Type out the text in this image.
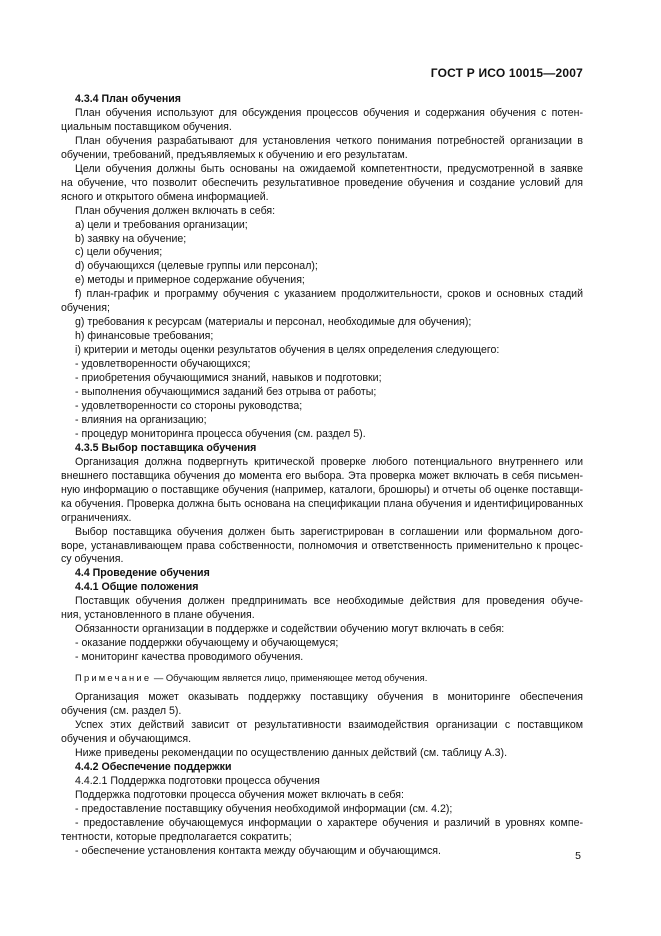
ГОСТ Р ИСО 10015—2007
4.3.4 План обучения
План обучения используют для обсуждения процессов обучения и содержания обучения с потен-
циальным поставщиком обучения.
План обучения разрабатывают для установления четкого понимания потребностей организации в
обучении, требований, предъявляемых к обучению и его результатам.
Цели обучения должны быть основаны на ожидаемой компетентности, предусмотренной в заявке
на обучение, что позволит обеспечить результативное проведение обучения и создание условий для
ясного и открытого обмена информацией.
План обучения должен включать в себя:
а) цели и требования организации;
b) заявку на обучение;
c) цели обучения;
d) обучающихся (целевые группы или персонал);
e) методы и примерное содержание обучения;
f) план-график и программу обучения с указанием продолжительности, сроков и основных стадий
обучения;
g) требования к ресурсам (материалы и персонал, необходимые для обучения);
h) финансовые требования;
i) критерии и методы оценки результатов обучения в целях определения следующего:
- удовлетворенности обучающихся;
- приобретения обучающимися знаний, навыков и подготовки;
- выполнения обучающимися заданий без отрыва от работы;
- удовлетворенности со стороны руководства;
- влияния на организацию;
- процедур мониторинга процесса обучения (см. раздел 5).
4.3.5 Выбор поставщика обучения
Организация должна подвергнуть критической проверке любого потенциального внутреннего или
внешнего поставщика обучения до момента его выбора. Эта проверка может включать в себя письмен-
ную информацию о поставщике обучения (например, каталоги, брошюры) и отчеты об оценке поставщи-
ка обучения. Проверка должна быть основана на спецификации плана обучения и идентифицированных
ограничениях.
Выбор поставщика обучения должен быть зарегистрирован в соглашении или формальном дого-
воре, устанавливающем права собственности, полномочия и ответственность применительно к процес-
су обучения.
4.4 Проведение обучения
4.4.1 Общие положения
Поставщик обучения должен предпринимать все необходимые действия для проведения обуче-
ния, установленного в плане обучения.
Обязанности организации в поддержке и содействии обучению могут включать в себя:
- оказание поддержки обучающему и обучающемуся;
- мониторинг качества проводимого обучения.
Примечание — Обучающим является лицо, применяющее метод обучения.
Организация может оказывать поддержку поставщику обучения в мониторинге обеспечения
обучения (см. раздел 5).
Успех этих действий зависит от результативности взаимодействия организации с поставщиком
обучения и обучающимся.
Ниже приведены рекомендации по осуществлению данных действий (см. таблицу А.3).
4.4.2 Обеспечение поддержки
4.4.2.1 Поддержка подготовки процесса обучения
Поддержка подготовки процесса обучения может включать в себя:
- предоставление поставщику обучения необходимой информации (см. 4.2);
- предоставление обучающемуся информации о характере обучения и различий в уровнях компе-
тентности, которые предполагается сократить;
- обеспечение установления контакта между обучающим и обучающимся.	5
